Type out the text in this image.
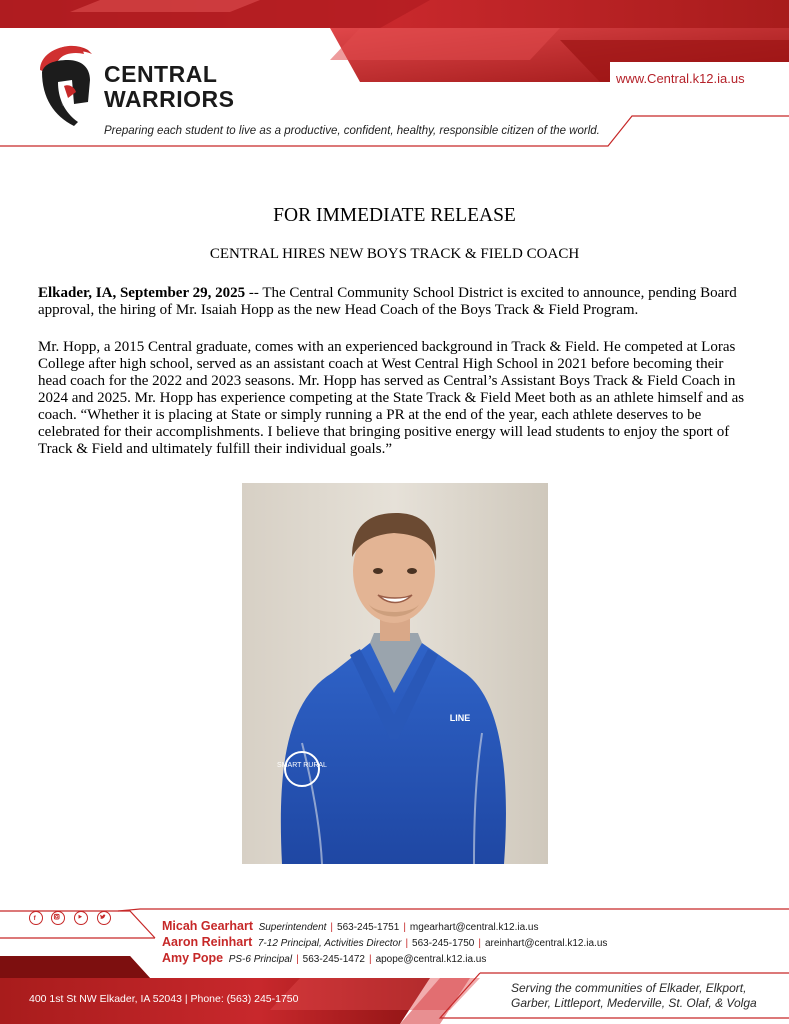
CENTRAL
WARRIORS
www.Central.k12.ia.us
Preparing each student to live as a productive, confident, healthy, responsible citizen of the world.
FOR IMMEDIATE RELEASE
CENTRAL HIRES NEW BOYS TRACK & FIELD COACH
Elkader, IA, September 29, 2025 -- The Central Community School District is excited to announce, pending Board approval, the hiring of Mr. Isaiah Hopp as the new Head Coach of the Boys Track & Field Program.
Mr. Hopp, a 2015 Central graduate, comes with an experienced background in Track & Field. He competed at Loras College after high school, served as an assistant coach at West Central High School in 2021 before becoming their head coach for the 2022 and 2023 seasons. Mr. Hopp has served as Central’s Assistant Boys Track & Field Coach in 2024 and 2025. Mr. Hopp has experience competing at the State Track & Field Meet both as an athlete himself and as coach. “Whether it is placing at State or simply running a PR at the end of the year, each athlete deserves to be celebrated for their accomplishments. I believe that bringing positive energy will lead students to enjoy the sport of Track & Field and ultimately fulfill their individual goals.”
SMART RURAL
LINE
f
Micah Gearhart Superintendent | 563-245-1751 | mgearhart@central.k12.ia.us
Aaron Reinhart 7-12 Principal, Activities Director | 563-245-1750 | areinhart@central.k12.ia.us
Amy Pope PS-6 Principal | 563-245-1472 | apope@central.k12.ia.us
400 1st St NW Elkader, IA 52043 | Phone: (563) 245-1750
Serving the communities of Elkader, Elkport,
Garber, Littleport, Mederville, St. Olaf, & Volga
